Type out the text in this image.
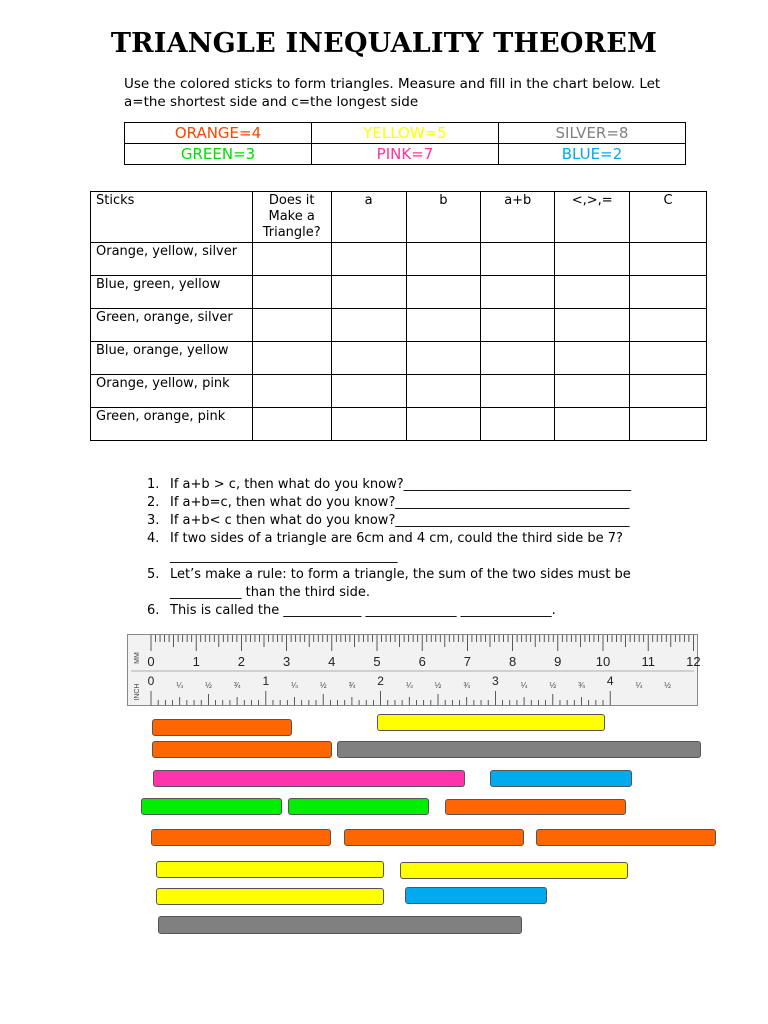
TRIANGLE INEQUALITY THEOREM
Use the colored sticks to form triangles. Measure and fill in the chart below. Let a=the shortest side and c=the longest side
ORANGE=4	YELLOW=5	SILVER=8
GREEN=3	PINK=7	BLUE=2
Sticks	Does it Make a Triangle?	a	b	a+b	<,>,=	C
Orange, yellow, silver						
Blue, green, yellow						
Green, orange, silver						
Blue, orange, yellow						
Orange, yellow, pink						
Green, orange, pink						
1. If a+b > c, then what do you know?___________________________________
2. If a+b=c, then what do you know?____________________________________
3. If a+b< c then what do you know?____________________________________
4. If two sides of a triangle are 6cm and 4 cm, could the third side be 7?
___________________________________

5. Let’s make a rule: to form a triangle, the sum of the two sides must be
___________ than the third side.
6. This is called the ____________ ______________ ______________.
0	1	2	3	4	5	6	7	8	9	10 11 12
0	1	2	3	4
¼	½	¾	¼	½	¾	¼	½	¾	¼	½	¾	¼	½
MM
INCH
